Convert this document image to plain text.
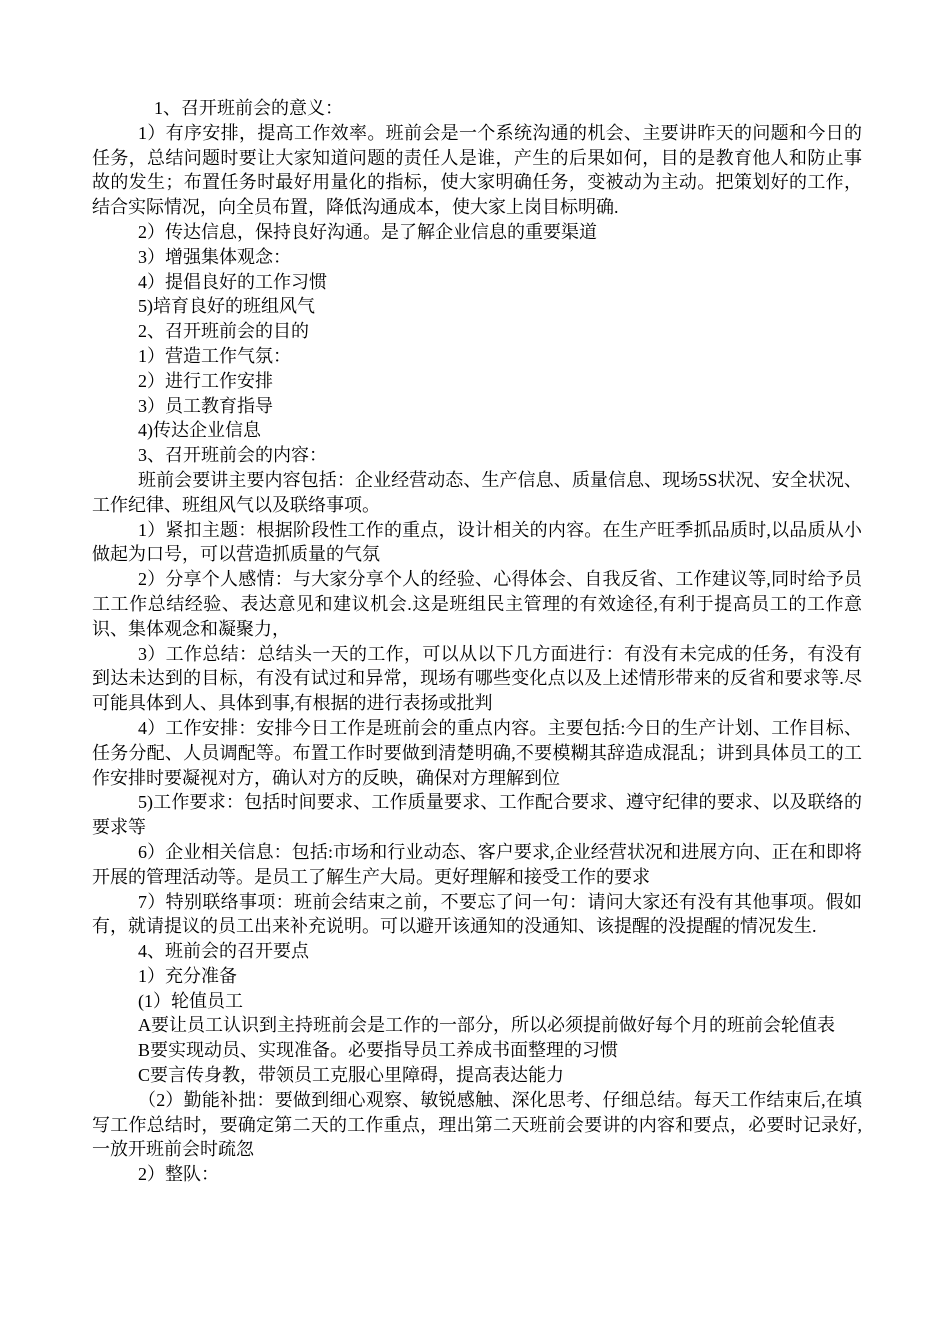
1、召开班前会的意义：

1）有序安排，提高工作效率。班前会是一个系统沟通的机会、主要讲昨天的问题和今日的任务，总结问题时要让大家知道问题的责任人是谁，产生的后果如何，目的是教育他人和防止事故的发生；布置任务时最好用量化的指标，使大家明确任务，变被动为主动。把策划好的工作，结合实际情况，向全员布置，降低沟通成本，使大家上岗目标明确.

2）传达信息，保持良好沟通。是了解企业信息的重要渠道

3）增强集体观念：

4）提倡良好的工作习惯

5)培育良好的班组风气

2、召开班前会的目的

1）营造工作气氛：

2）进行工作安排

3）员工教育指导

4)传达企业信息

3、召开班前会的内容：

班前会要讲主要内容包括：企业经营动态、生产信息、质量信息、现场5S状况、安全状况、工作纪律、班组风气以及联络事项。

1）紧扣主题：根据阶段性工作的重点，设计相关的内容。在生产旺季抓品质时,以品质从小做起为口号，可以营造抓质量的气氛

2）分享个人感情：与大家分享个人的经验、心得体会、自我反省、工作建议等,同时给予员工工作总结经验、表达意见和建议机会.这是班组民主管理的有效途径,有利于提高员工的工作意识、集体观念和凝聚力，

3）工作总结：总结头一天的工作，可以从以下几方面进行：有没有未完成的任务，有没有到达未达到的目标，有没有试过和异常，现场有哪些变化点以及上述情形带来的反省和要求等.尽可能具体到人、具体到事,有根据的进行表扬或批判

4）工作安排：安排今日工作是班前会的重点内容。主要包括:今日的生产计划、工作目标、任务分配、人员调配等。布置工作时要做到清楚明确,不要模糊其辞造成混乱；讲到具体员工的工作安排时要凝视对方，确认对方的反映，确保对方理解到位

5)工作要求：包括时间要求、工作质量要求、工作配合要求、遵守纪律的要求、以及联络的要求等

6）企业相关信息：包括:市场和行业动态、客户要求,企业经营状况和进展方向、正在和即将开展的管理活动等。是员工了解生产大局。更好理解和接受工作的要求

7）特别联络事项：班前会结束之前，不要忘了问一句：请问大家还有没有其他事项。假如有，就请提议的员工出来补充说明。可以避开该通知的没通知、该提醒的没提醒的情况发生.

4、班前会的召开要点

1）充分准备

(1）轮值员工

A要让员工认识到主持班前会是工作的一部分，所以必须提前做好每个月的班前会轮值表

B要实现动员、实现准备。必要指导员工养成书面整理的习惯

C要言传身教，带领员工克服心里障碍，提高表达能力

（2）勤能补拙：要做到细心观察、敏锐感触、深化思考、仔细总结。每天工作结束后,在填写工作总结时，要确定第二天的工作重点，理出第二天班前会要讲的内容和要点，必要时记录好,一放开班前会时疏忽

2）整队：
